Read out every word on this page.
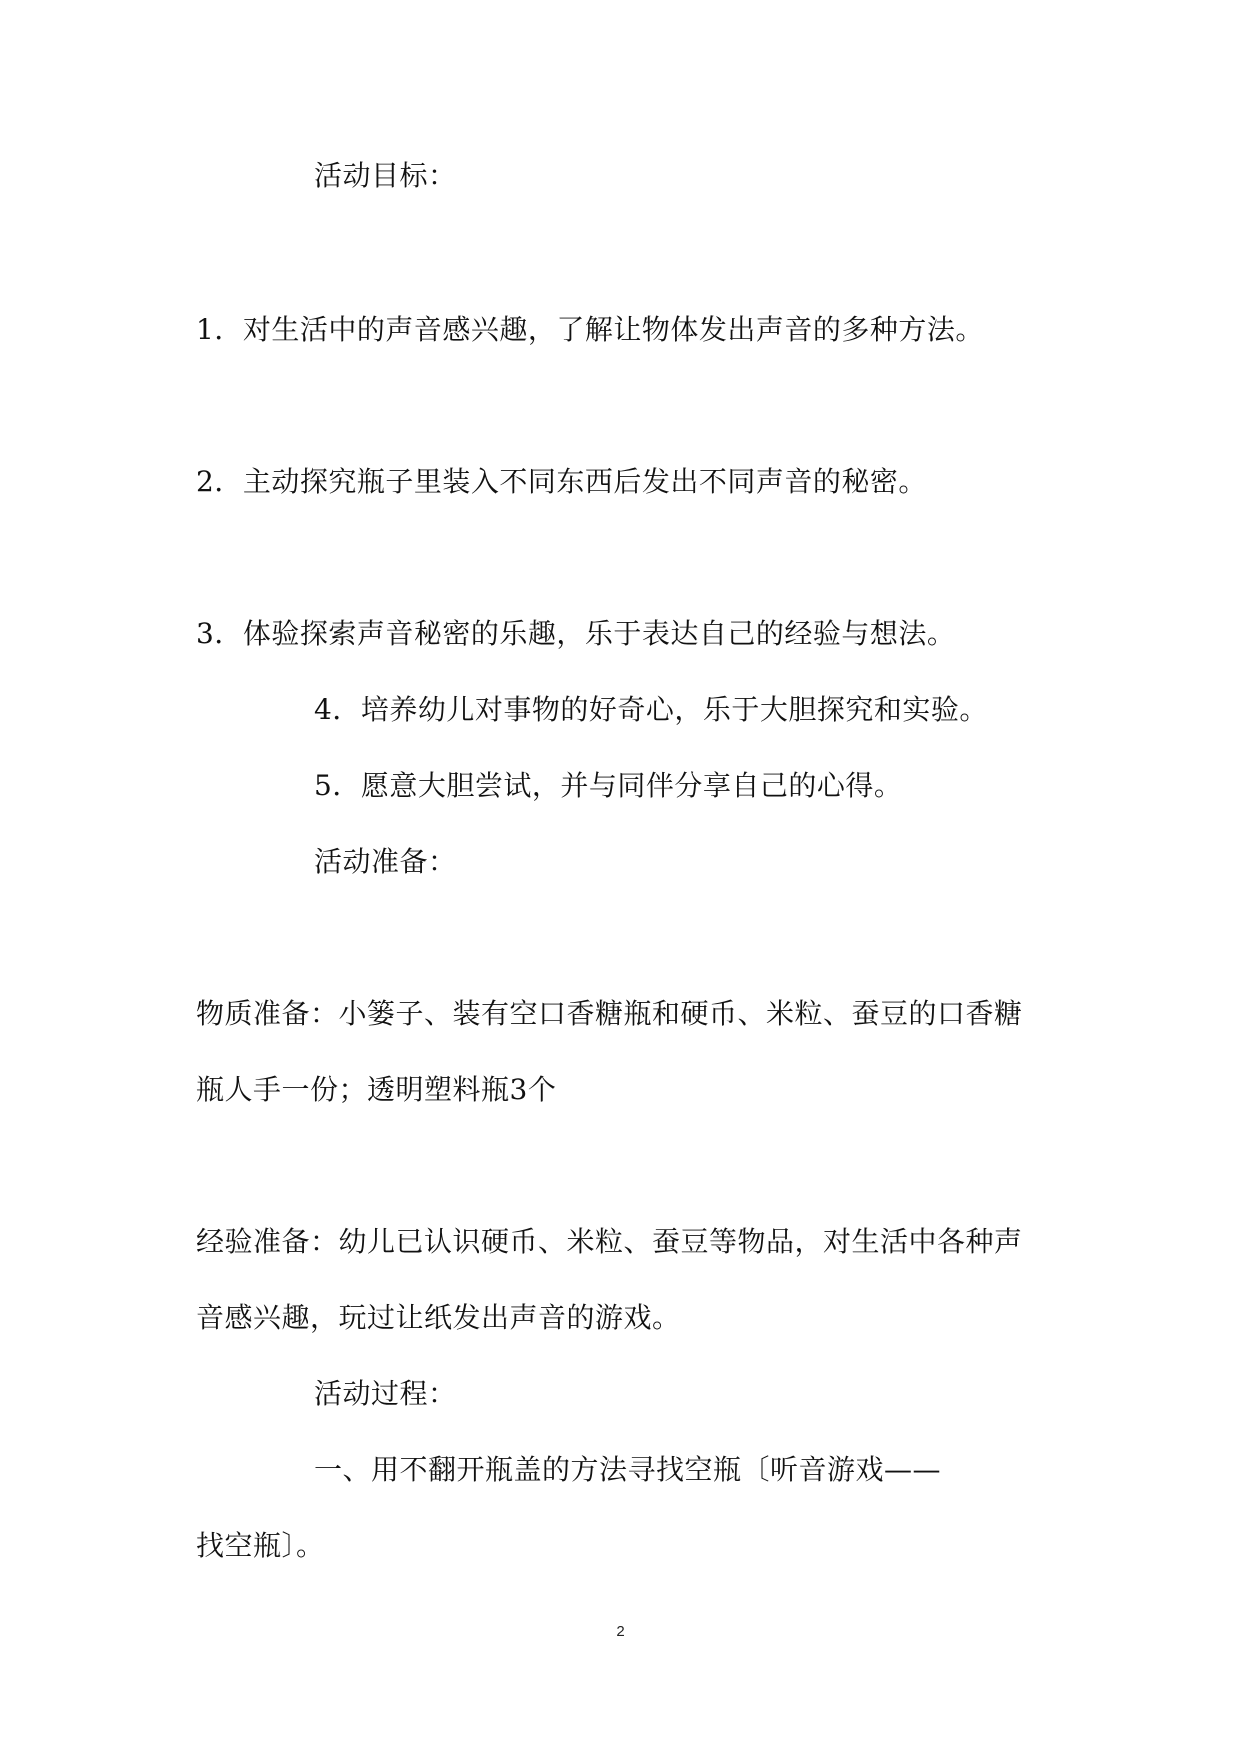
活动目标：
1．对生活中的声音感兴趣，了解让物体发出声音的多种方法。
2．主动探究瓶子里装入不同东西后发出不同声音的秘密。
3．体验探索声音秘密的乐趣，乐于表达自己的经验与想法。
4．培养幼儿对事物的好奇心，乐于大胆探究和实验。
5．愿意大胆尝试，并与同伴分享自己的心得。
活动准备：
物质准备：小篓子、装有空口香糖瓶和硬币、米粒、蚕豆的口香糖
瓶人手一份；透明塑料瓶3个
经验准备：幼儿已认识硬币、米粒、蚕豆等物品，对生活中各种声
音感兴趣，玩过让纸发出声音的游戏。
活动过程：
一、用不翻开瓶盖的方法寻找空瓶〔听音游戏——
找空瓶〕。
2
